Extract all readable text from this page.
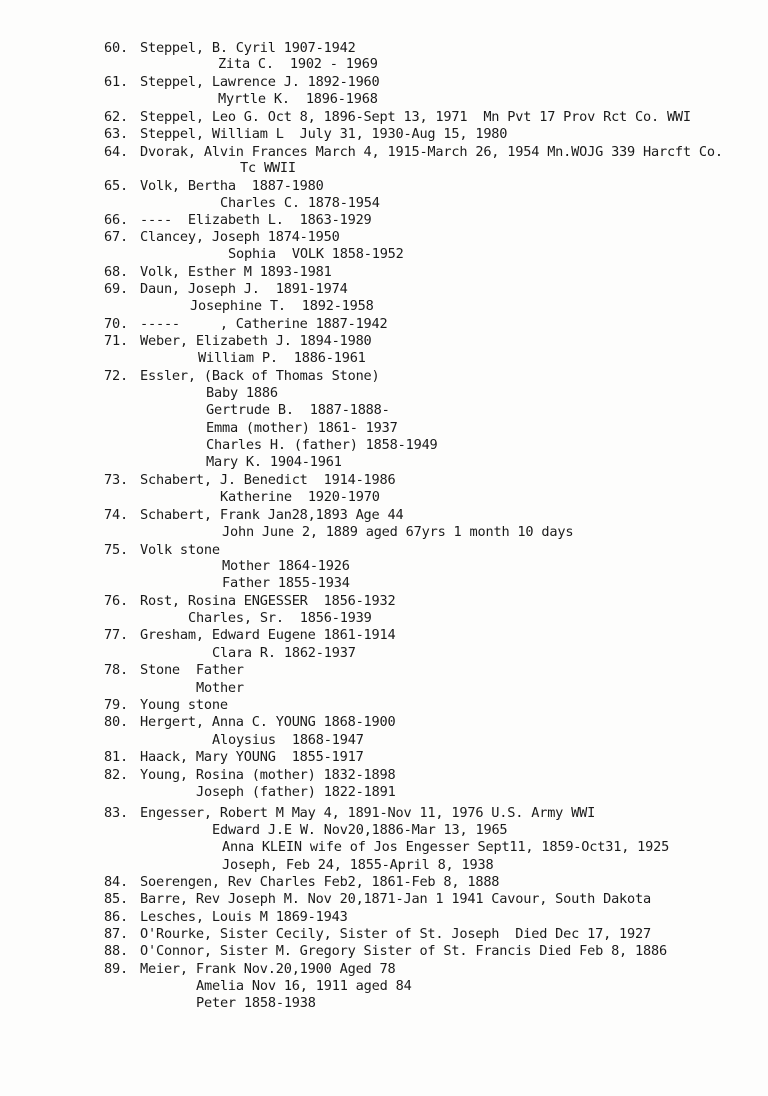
60. Steppel, B. Cyril 1907-1942
Zita C.  1902 - 1969
61. Steppel, Lawrence J. 1892-1960
Myrtle K.  1896-1968
62. Steppel, Leo G. Oct 8, 1896-Sept 13, 1971  Mn Pvt 17 Prov Rct Co. WWI
63. Steppel, William L  July 31, 1930-Aug 15, 1980
64. Dvorak, Alvin Frances March 4, 1915-March 26, 1954 Mn.WOJG 339 Harcft Co.
Tc WWII
65. Volk, Bertha  1887-1980
Charles C. 1878-1954
66. ----  Elizabeth L.  1863-1929
67. Clancey, Joseph 1874-1950
Sophia  VOLK 1858-1952
68. Volk, Esther M 1893-1981
69. Daun, Joseph J.  1891-1974
Josephine T.  1892-1958
70. -----     , Catherine 1887-1942
71. Weber, Elizabeth J. 1894-1980
William P.  1886-1961
72. Essler, (Back of Thomas Stone)
Baby 1886
Gertrude B.  1887-1888-
Emma (mother) 1861- 1937
Charles H. (father) 1858-1949
Mary K. 1904-1961
73. Schabert, J. Benedict  1914-1986
Katherine  1920-1970
74. Schabert, Frank Jan28,1893 Age 44
John June 2, 1889 aged 67yrs 1 month 10 days
75. Volk stone
Mother 1864-1926
Father 1855-1934
76. Rost, Rosina ENGESSER  1856-1932
Charles, Sr.  1856-1939
77. Gresham, Edward Eugene 1861-1914
Clara R. 1862-1937
78. Stone  Father
Mother
79. Young stone
80. Hergert, Anna C. YOUNG 1868-1900
Aloysius  1868-1947
81. Haack, Mary YOUNG  1855-1917
82. Young, Rosina (mother) 1832-1898
Joseph (father) 1822-1891
83. Engesser, Robert M May 4, 1891-Nov 11, 1976 U.S. Army WWI
Edward J.E W. Nov20,1886-Mar 13, 1965
Anna KLEIN wife of Jos Engesser Sept11, 1859-Oct31, 1925
Joseph, Feb 24, 1855-April 8, 1938
84. Soerengen, Rev Charles Feb2, 1861-Feb 8, 1888
85. Barre, Rev Joseph M. Nov 20,1871-Jan 1 1941 Cavour, South Dakota
86. Lesches, Louis M 1869-1943
87. O'Rourke, Sister Cecily, Sister of St. Joseph  Died Dec 17, 1927
88. O'Connor, Sister M. Gregory Sister of St. Francis Died Feb 8, 1886
89. Meier, Frank Nov.20,1900 Aged 78
Amelia Nov 16, 1911 aged 84
Peter 1858-1938
